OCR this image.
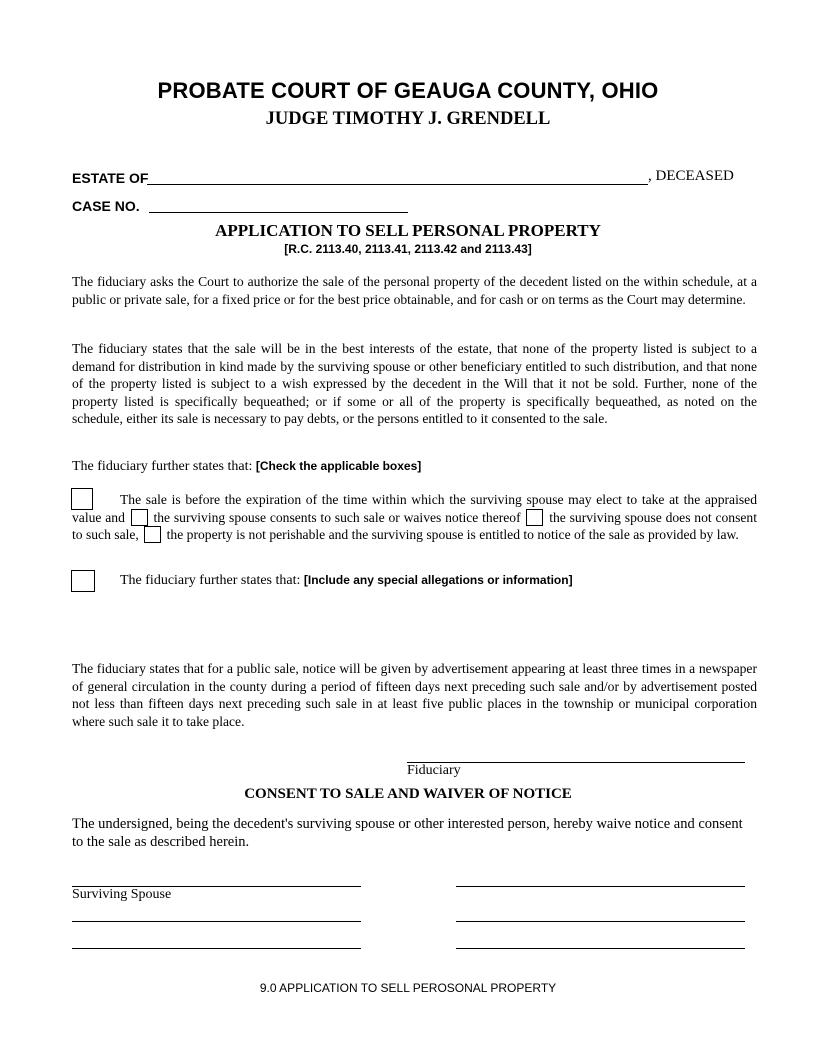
PROBATE COURT OF GEAUGA COUNTY, OHIO
JUDGE TIMOTHY J. GRENDELL
ESTATE OF	, DECEASED
CASE NO.
APPLICATION TO SELL PERSONAL PROPERTY
[R.C. 2113.40, 2113.41, 2113.42 and 2113.43]
The fiduciary asks the Court to authorize the sale of the personal property of the decedent listed on the within schedule, at a public or private sale, for a fixed price or for the best price obtainable, and for cash or on terms as the Court may determine.
The fiduciary states that the sale will be in the best interests of the estate, that none of the property listed is subject to a demand for distribution in kind made by the surviving spouse or other beneficiary entitled to such distribution, and that none of the property listed is subject to a wish expressed by the decedent in the Will that it not be sold. Further, none of the property listed is specifically bequeathed; or if some or all of the property is specifically bequeathed, as noted on the schedule, either its sale is necessary to pay debts, or the persons entitled to it consented to the sale.
The fiduciary further states that: [Check the applicable boxes]
The sale is before the expiration of the time within which the surviving spouse may elect to take at the appraised value and the surviving spouse consents to such sale or waives notice thereof the surviving spouse does not consent to such sale, the property is not perishable and the surviving spouse is entitled to notice of the sale as provided by law.
The fiduciary further states that: [Include any special allegations or information]
The fiduciary states that for a public sale, notice will be given by advertisement appearing at least three times in a newspaper of general circulation in the county during a period of fifteen days next preceding such sale and/or by advertisement posted not less than fifteen days next preceding such sale in at least five public places in the township or municipal corporation where such sale it to take place.
Fiduciary
CONSENT TO SALE AND WAIVER OF NOTICE
The undersigned, being the decedent's surviving spouse or other interested person, hereby waive notice and consent to the sale as described herein.
Surviving Spouse
9.0 APPLICATION TO SELL PEROSONAL PROPERTY
